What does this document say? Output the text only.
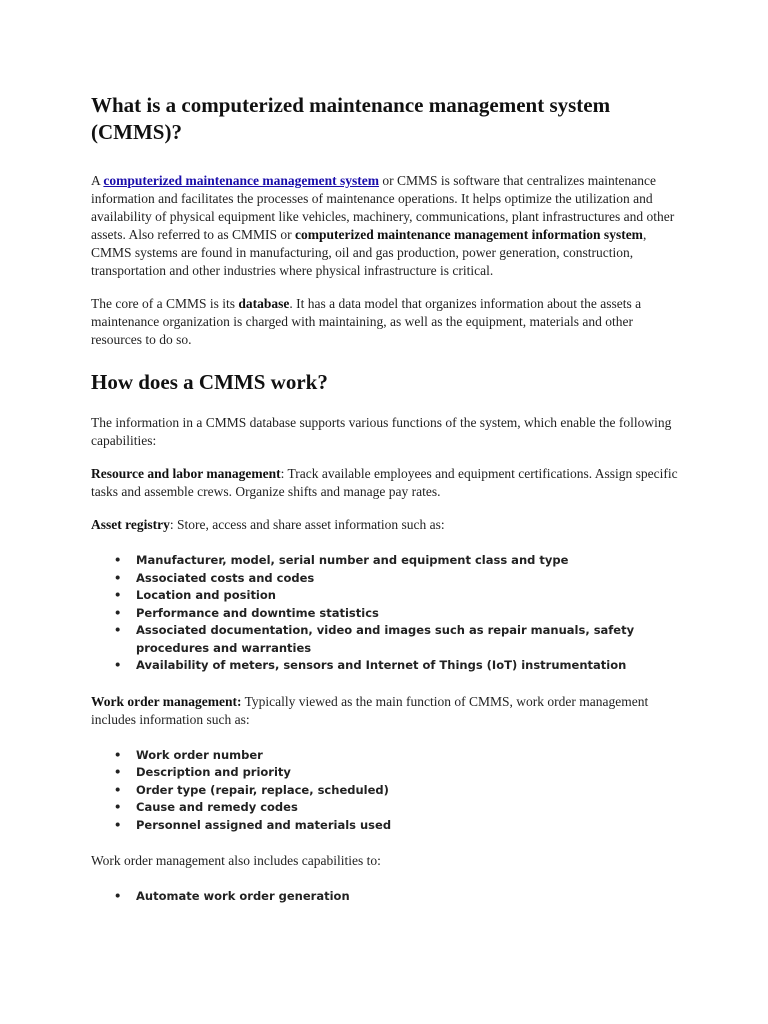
What is a computerized maintenance management system (CMMS)?

A computerized maintenance management system or CMMS is software that centralizes maintenance information and facilitates the processes of maintenance operations. It helps optimize the utilization and availability of physical equipment like vehicles, machinery, communications, plant infrastructures and other assets. Also referred to as CMMIS or computerized maintenance management information system, CMMS systems are found in manufacturing, oil and gas production, power generation, construction, transportation and other industries where physical infrastructure is critical.

The core of a CMMS is its database. It has a data model that organizes information about the assets a maintenance organization is charged with maintaining, as well as the equipment, materials and other resources to do so.

How does a CMMS work?

The information in a CMMS database supports various functions of the system, which enable the following capabilities:

Resource and labor management: Track available employees and equipment certifications. Assign specific tasks and assemble crews. Organize shifts and manage pay rates.

Asset registry: Store, access and share asset information such as:

• Manufacturer, model, serial number and equipment class and type
• Associated costs and codes
• Location and position
• Performance and downtime statistics
• Associated documentation, video and images such as repair manuals, safety procedures and warranties
• Availability of meters, sensors and Internet of Things (IoT) instrumentation

Work order management: Typically viewed as the main function of CMMS, work order management includes information such as:

• Work order number
• Description and priority
• Order type (repair, replace, scheduled)
• Cause and remedy codes
• Personnel assigned and materials used

Work order management also includes capabilities to:

• Automate work order generation
